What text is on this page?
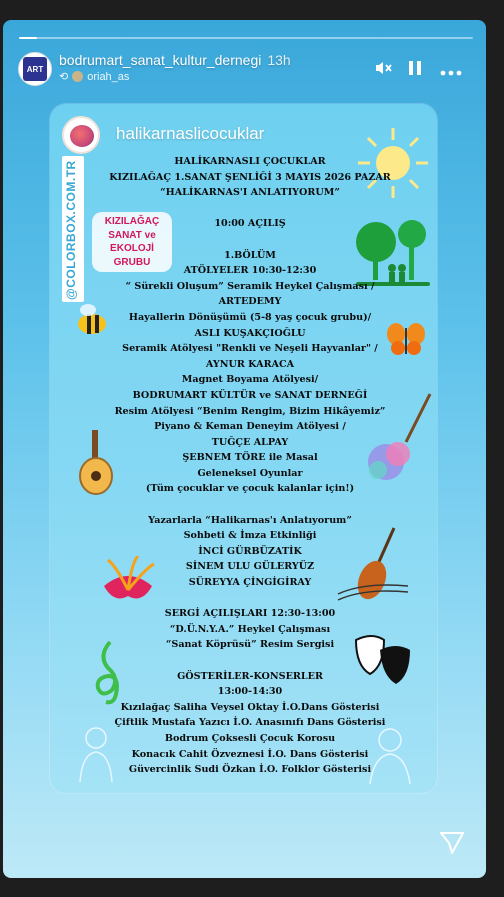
ART
bodrumart_sanat_kultur_dernegi 13h
⟲ oriah_as
halikarnaslicocuklar
@COLORBOX.COM.TR	KIZILAĞAÇ
SANAT ve EKOLOJİ
GRUBU
HALİKARNASLI ÇOCUKLAR
KIZILAĞAÇ 1.SANAT ŞENLİĞİ 3 MAYIS 2026 PAZAR
“HALİKARNAS'I ANLATIYORUM”
10:00 AÇILIŞ
1.BÖLÜM
ATÖLYELER 10:30-12:30
“ Sürekli Oluşum” Seramik Heykel Çalışması /
ARTEDEMY
Hayallerin Dönüşümü (5-8 yaş çocuk grubu)/
ASLI KUŞAKÇIOĞLU
Seramik Atölyesi "Renkli ve Neşeli Hayvanlar" /
AYNUR KARACA
Magnet Boyama Atölyesi/
BODRUMART KÜLTÜR ve SANAT DERNEĞİ
Resim Atölyesi “Benim Rengim, Bizim Hikâyemiz”
Piyano & Keman Deneyim Atölyesi /
TUĞÇE ALPAY
ŞEBNEM TÖRE ile Masal
Geleneksel Oyunlar
(Tüm çocuklar ve çocuk kalanlar için!)
Yazarlarla “Halikarnas'ı Anlatıyorum”
Sohbeti & İmza Etkinliği
İNCİ GÜRBÜZATİK
SİNEM ULU GÜLERYÜZ
SÜREYYA ÇİNGİGİRAY
SERGİ AÇILIŞLARI 12:30-13:00
“D.Ü.N.Y.A.” Heykel Çalışması
“Sanat Köprüsü” Resim Sergisi
GÖSTERİLER-KONSERLER
13:00-14:30
Kızılağaç Saliha Veysel Oktay İ.O.Dans Gösterisi
Çiftlik Mustafa Yazıcı İ.O. Anasınıfı Dans Gösterisi
Bodrum Çoksesli Çocuk Korosu
Konacık Cahit Özveznesi İ.O. Dans Gösterisi
Güvercinlik Sudi Özkan İ.O. Folklor Gösterisi
